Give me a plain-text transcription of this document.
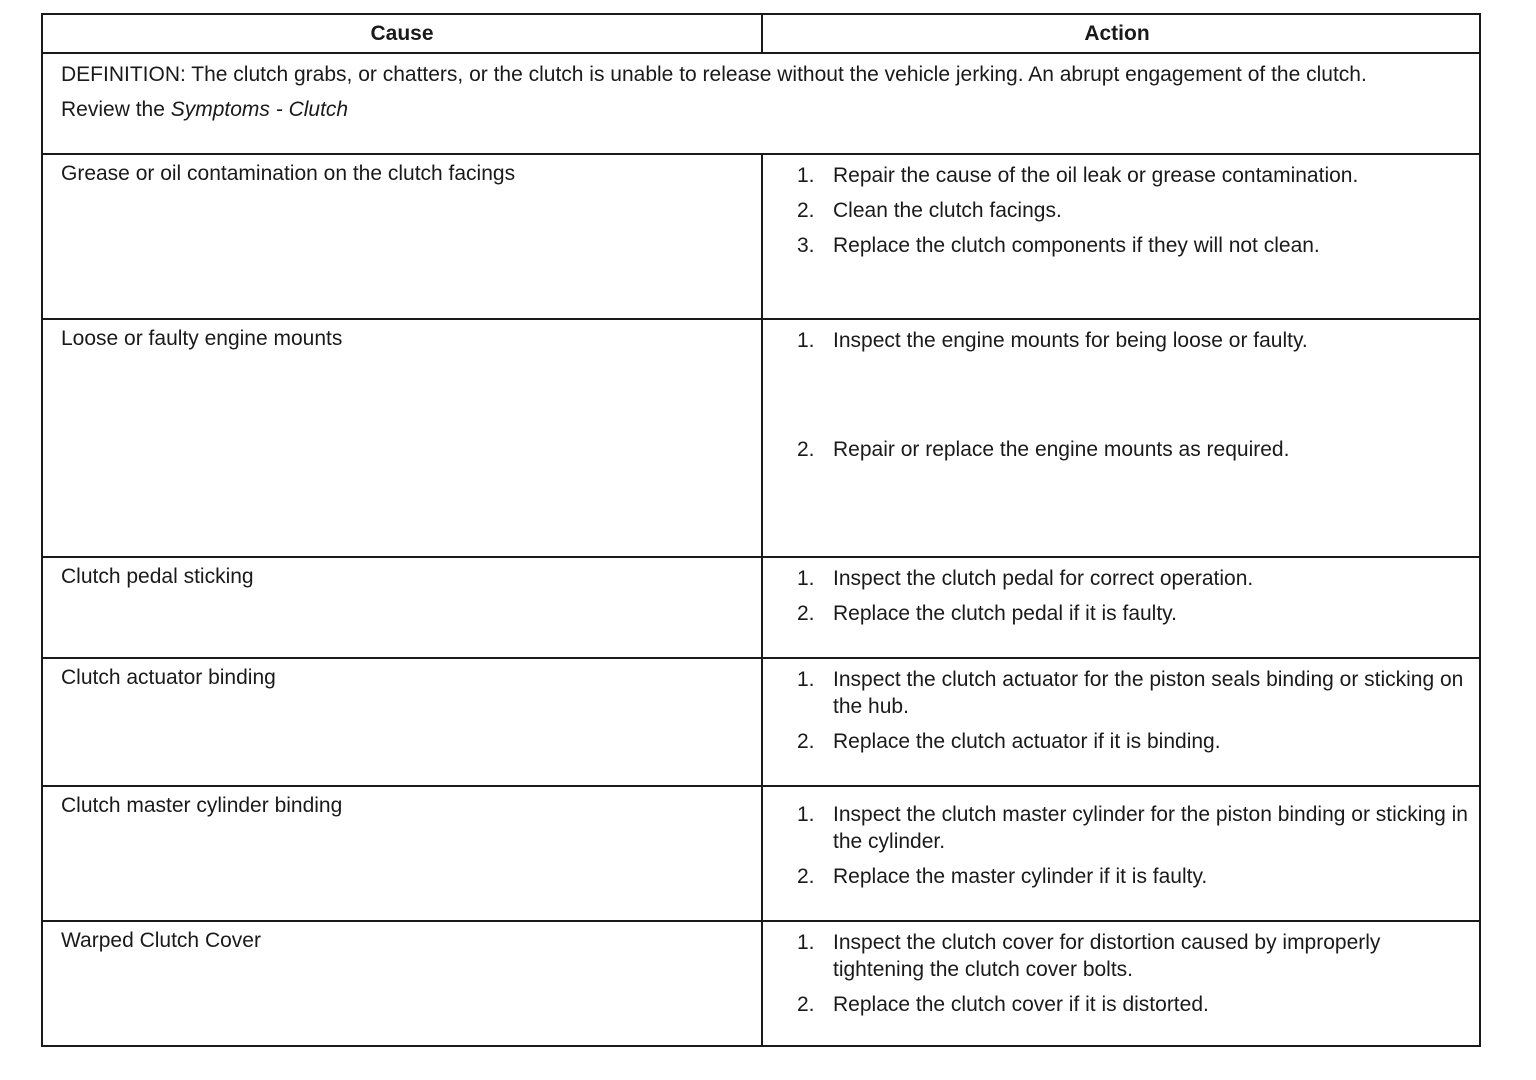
Cause	Action

DEFINITION: The clutch grabs, or chatters, or the clutch is unable to release without the vehicle jerking. An abrupt engagement of the clutch.

Review the Symptoms - Clutch

Grease or oil contamination on the clutch facings	1. Repair the cause of the oil leak or grease contamination.
2. Clean the clutch facings.
3. Replace the clutch components if they will not clean.
Loose or faulty engine mounts	1. Inspect the engine mounts for being loose or faulty.
2. Repair or replace the engine mounts as required.
Clutch pedal sticking	1. Inspect the clutch pedal for correct operation.
2. Replace the clutch pedal if it is faulty.
Clutch actuator binding	1. Inspect the clutch actuator for the piston seals binding or sticking on the hub.
2. Replace the clutch actuator if it is binding.
Clutch master cylinder binding	1. Inspect the clutch master cylinder for the piston binding or sticking in the cylinder.
2. Replace the master cylinder if it is faulty.
Warped Clutch Cover	1. Inspect the clutch cover for distortion caused by improperly tightening the clutch cover bolts.
2. Replace the clutch cover if it is distorted.
